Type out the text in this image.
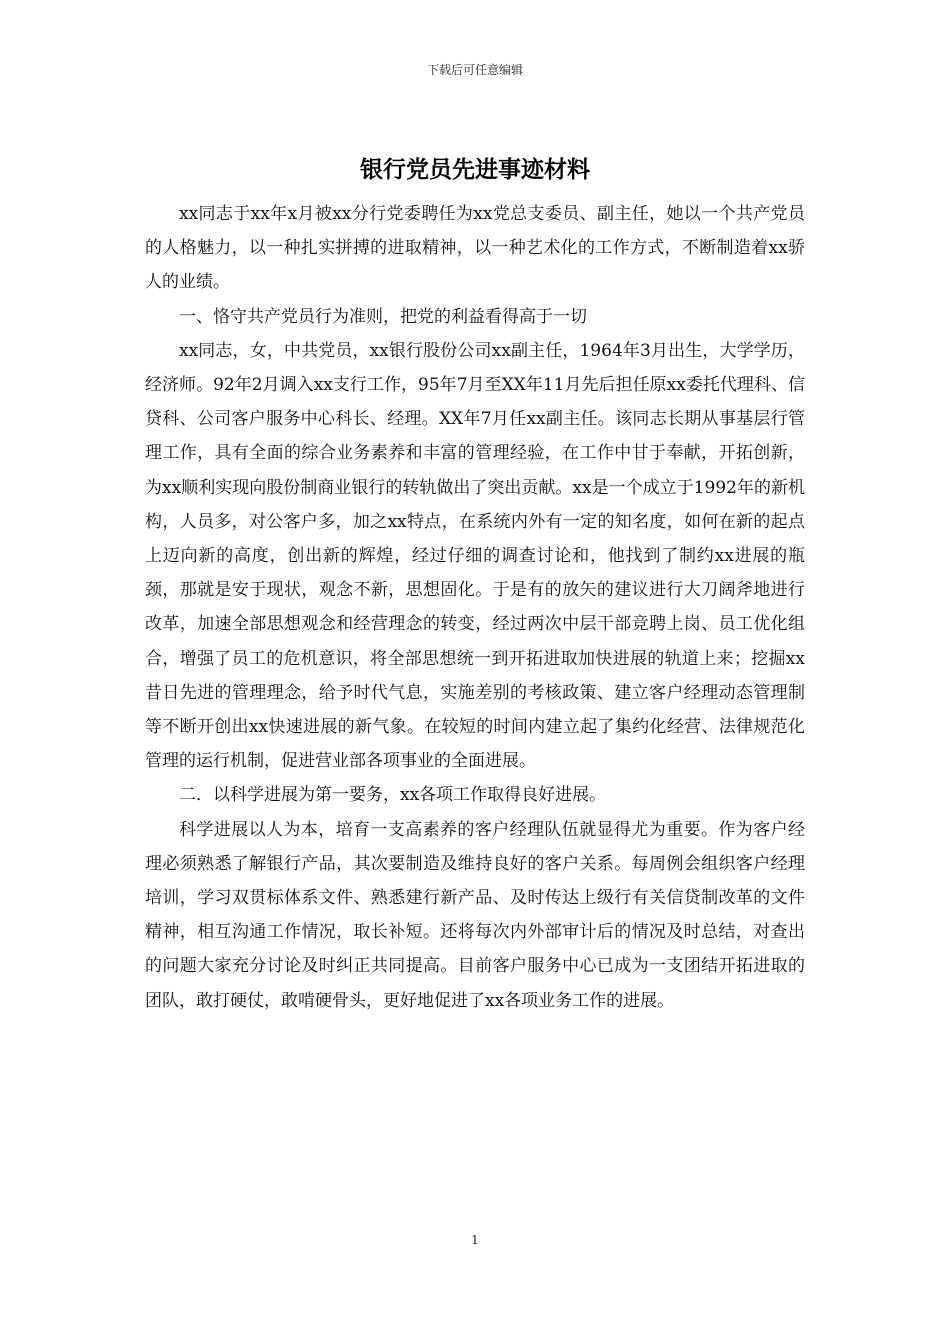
下载后可任意编辑
银行党员先进事迹材料

xx同志于xx年x月被xx分行党委聘任为xx党总支委员、副主任，她以一个共产党员的人格魅力，以一种扎实拼搏的进取精神，以一种艺术化的工作方式，不断制造着xx骄人的业绩。

一、恪守共产党员行为准则，把党的利益看得高于一切

xx同志，女，中共党员，xx银行股份公司xx副主任，1964年3月出生，大学学历，经济师。92年2月调入xx支行工作，95年7月至XX年11月先后担任原xx委托代理科、信贷科、公司客户服务中心科长、经理。XX年7月任xx副主任。该同志长期从事基层行管理工作，具有全面的综合业务素养和丰富的管理经验，在工作中甘于奉献，开拓创新，为xx顺利实现向股份制商业银行的转轨做出了突出贡献。xx是一个成立于1992年的新机构，人员多，对公客户多，加之xx特点，在系统内外有一定的知名度，如何在新的起点上迈向新的高度，创出新的辉煌，经过仔细的调查讨论和，他找到了制约xx进展的瓶颈，那就是安于现状，观念不新，思想固化。于是有的放矢的建议进行大刀阔斧地进行改革，加速全部思想观念和经营理念的转变，经过两次中层干部竞聘上岗、员工优化组合，增强了员工的危机意识，将全部思想统一到开拓进取加快进展的轨道上来；挖掘xx昔日先进的管理理念，给予时代气息，实施差别的考核政策、建立客户经理动态管理制等不断开创出xx快速进展的新气象。在较短的时间内建立起了集约化经营、法律规范化管理的运行机制，促进营业部各项事业的全面进展。

二．以科学进展为第一要务，xx各项工作取得良好进展。

科学进展以人为本，培育一支高素养的客户经理队伍就显得尤为重要。作为客户经理必须熟悉了解银行产品，其次要制造及维持良好的客户关系。每周例会组织客户经理培训，学习双贯标体系文件、熟悉建行新产品、及时传达上级行有关信贷制改革的文件精神，相互沟通工作情况，取长补短。还将每次内外部审计后的情况及时总结，对查出的问题大家充分讨论及时纠正共同提高。目前客户服务中心已成为一支团结开拓进取的团队，敢打硬仗，敢啃硬骨头，更好地促进了xx各项业务工作的进展。

1
